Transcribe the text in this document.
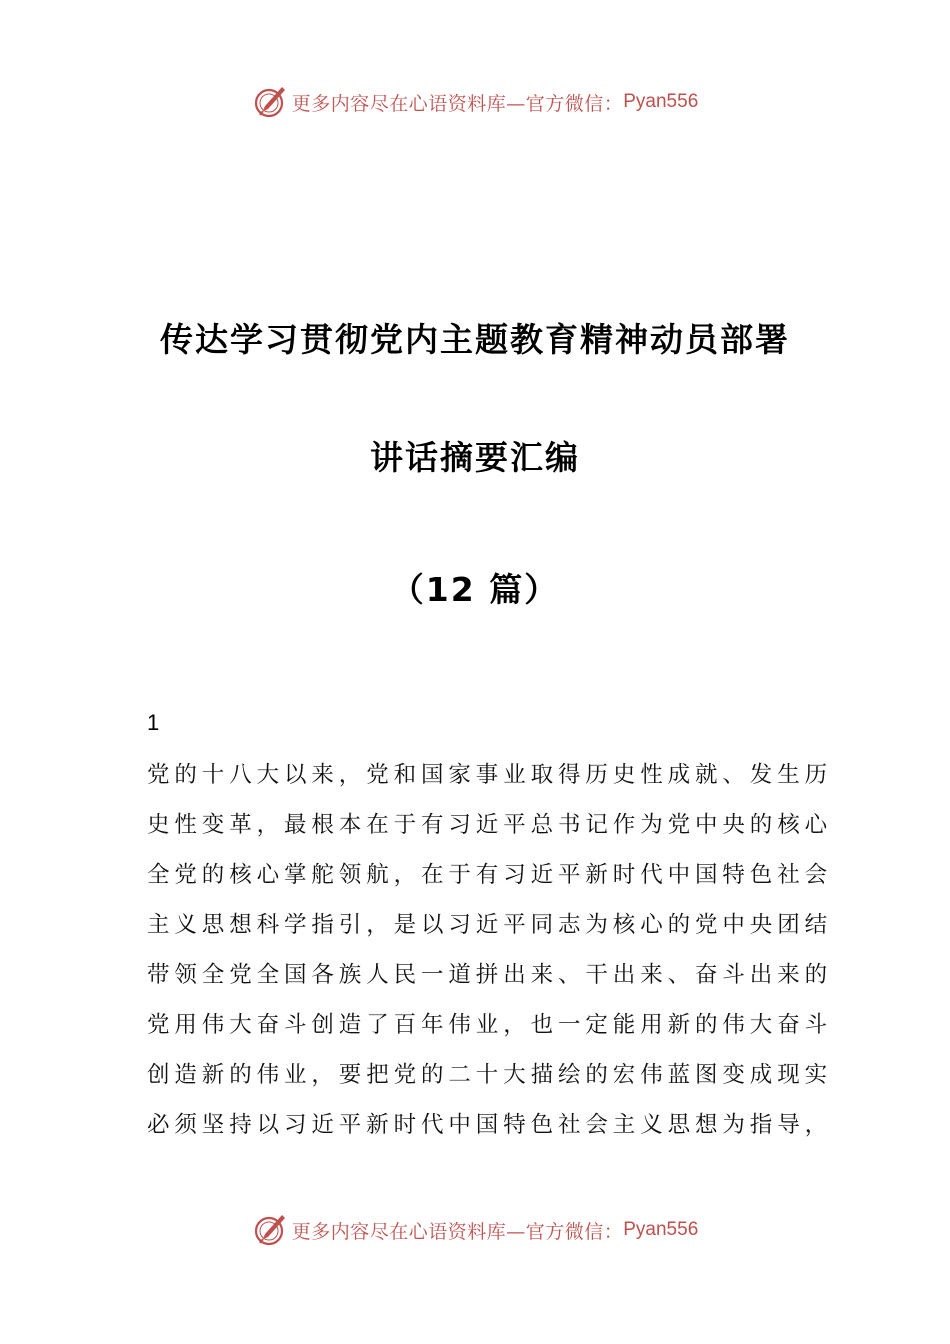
更多内容尽在心语资料库—官方微信： Pyan556
传达学习贯彻党内主题教育精神动员部署
讲话摘要汇编
（12 篇）
1
党的十八大以来，党和国家事业取得历史性成就、发生历
史性变革，最根本在于有习近平总书记作为党中央的核心
全党的核心掌舵领航，在于有习近平新时代中国特色社会
主义思想科学指引，是以习近平同志为核心的党中央团结
带领全党全国各族人民一道拼出来、干出来、奋斗出来的
党用伟大奋斗创造了百年伟业，也一定能用新的伟大奋斗
创造新的伟业，要把党的二十大描绘的宏伟蓝图变成现实
必须坚持以习近平新时代中国特色社会主义思想为指导，
更多内容尽在心语资料库—官方微信： Pyan556
